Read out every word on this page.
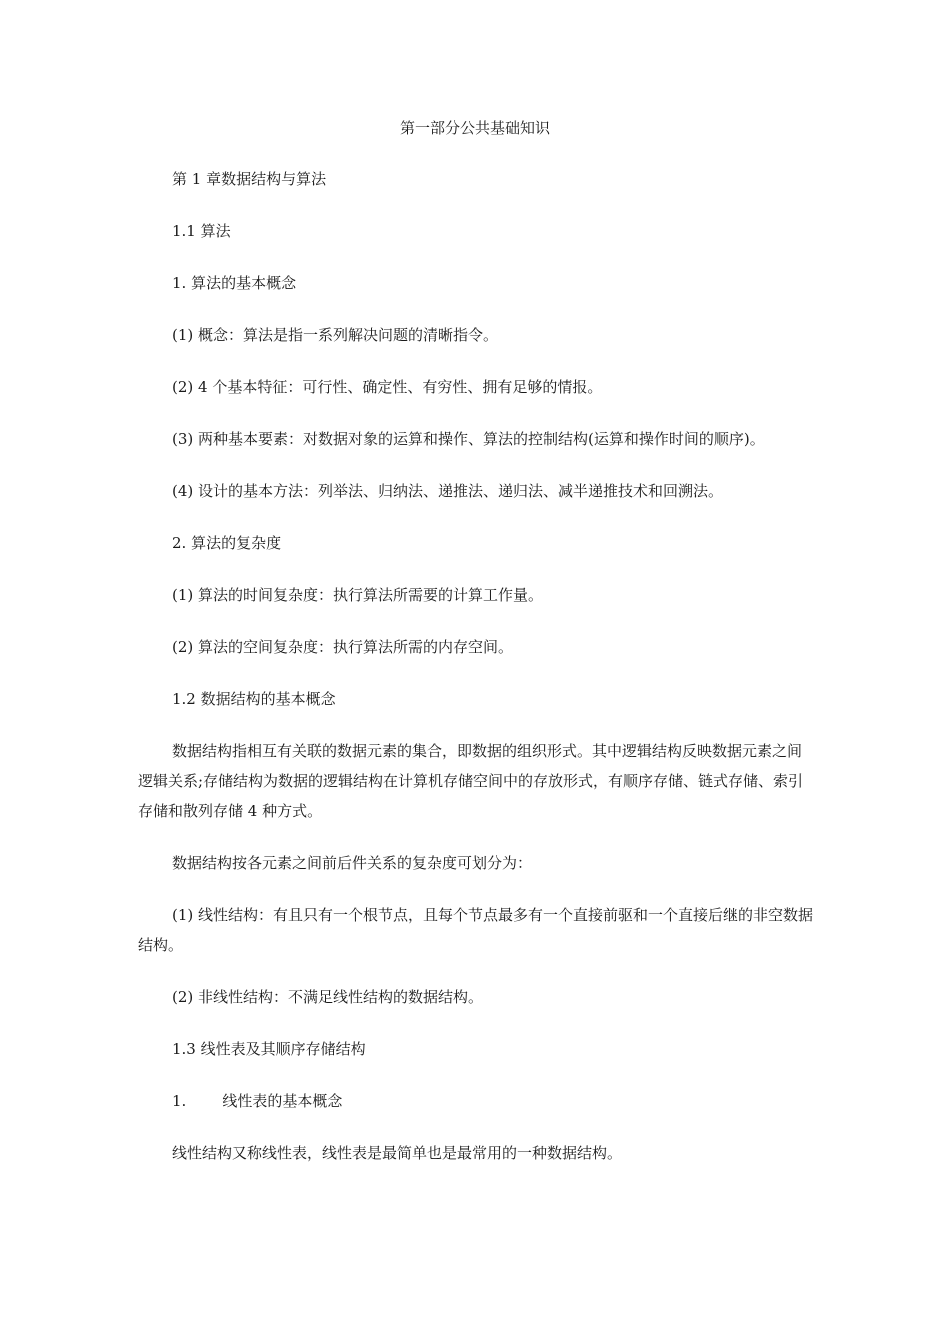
第一部分公共基础知识

第 1 章数据结构与算法

1.1 算法

1. 算法的基本概念

(1) 概念：算法是指一系列解决问题的清晰指令。

(2) 4 个基本特征：可行性、确定性、有穷性、拥有足够的情报。

(3) 两种基本要素：对数据对象的运算和操作、算法的控制结构(运算和操作时间的顺序)。

(4) 设计的基本方法：列举法、归纳法、递推法、递归法、减半递推技术和回溯法。

2. 算法的复杂度

(1) 算法的时间复杂度：执行算法所需要的计算工作量。

(2) 算法的空间复杂度：执行算法所需的内存空间。

1.2 数据结构的基本概念

数据结构指相互有关联的数据元素的集合，即数据的组织形式。其中逻辑结构反映数据元素之间逻辑关系;存储结构为数据的逻辑结构在计算机存储空间中的存放形式，有顺序存储、链式存储、索引存储和散列存储 4 种方式。

数据结构按各元素之间前后件关系的复杂度可划分为：

(1) 线性结构：有且只有一个根节点，且每个节点最多有一个直接前驱和一个直接后继的非空数据结构。

(2) 非线性结构：不满足线性结构的数据结构。

1.3 线性表及其顺序存储结构

1. 线性表的基本概念

线性结构又称线性表，线性表是最简单也是最常用的一种数据结构。
